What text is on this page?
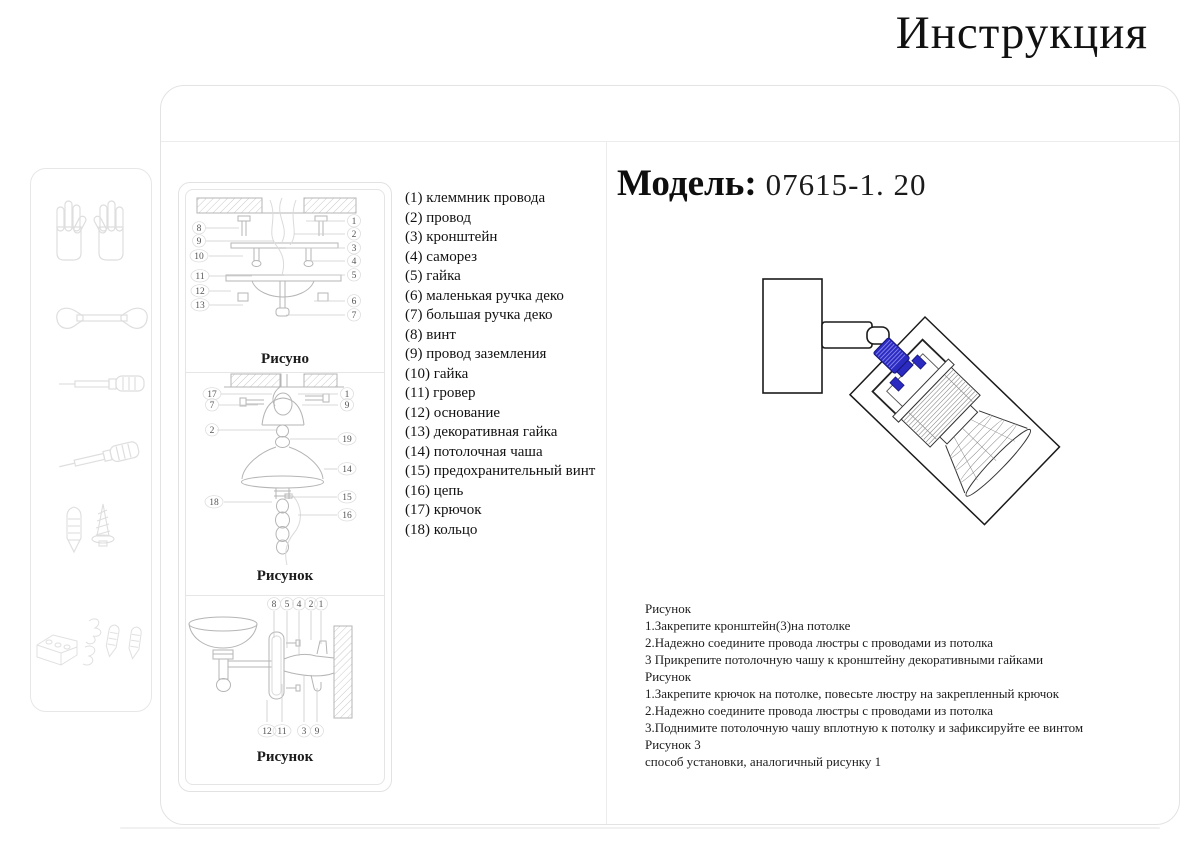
Инструкция
8
9
10
11
12
13
1
2
3
4
5
6
7
Рисуно
17
7
2
18
1
9
19
14
15
16
Рисунок
8 5 4 2 1
12 11 3 9
Рисунок
(1) клеммник провода
(2) провод
(3) кронштейн
(4) саморез
(5) гайка
(6) маленькая ручка деко
(7) большая ручка деко
(8) винт
(9) провод заземления
(10) гайка
(11) гровер
(12) основание
(13) декоративная гайка
(14) потолочная чаша
(15) предохранительный винт
(16) цепь
(17) крючок
(18) кольцо
Модель: 07615-1. 20
Рисунок
1.Закрепите кронштейн(3)на потолке
2.Надежно соедините провода люстры с проводами из потолка
3 Прикрепите потолочную чашу к кронштейну декоративными гайками
Рисунок
1.Закрепите крючок на потолке, повесьте люстру на закрепленный крючок
2.Надежно соедините провода люстры с проводами из потолка
3.Поднимите потолочную чашу вплотную к потолку и зафиксируйте ее винтом
Рисунок 3
способ установки, аналогичный рисунку 1
